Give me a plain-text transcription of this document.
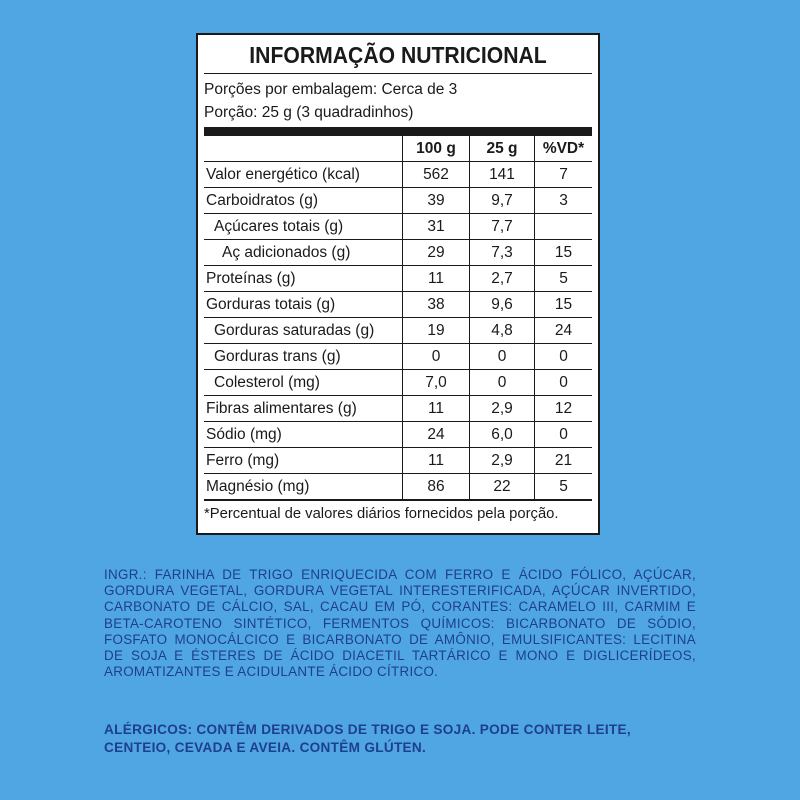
INFORMAÇÃO NUTRICIONAL
Porções por embalagem: Cerca de 3
Porção: 25 g (3 quadradinhos)
	100 g	25 g	%VD*
Valor energético (kcal)	562	141	7
Carboidratos (g)	39	9,7	3
Açúcares totais (g)	31	7,7	
Aç adicionados (g)	29	7,3	15
Proteínas (g)	11	2,7	5
Gorduras totais (g)	38	9,6	15
Gorduras saturadas (g)	19	4,8	24
Gorduras trans (g)	0	0	0
Colesterol (mg)	7,0	0	0
Fibras alimentares (g)	11	2,9	12
Sódio (mg)	24	6,0	0
Ferro (mg)	11	2,9	21
Magnésio (mg)	86	22	5
*Percentual de valores diários fornecidos pela porção.
INGR.: FARINHA DE TRIGO ENRIQUECIDA COM FERRO E ÁCIDO FÓLICO, AÇÚCAR, GORDURA VEGETAL, GORDURA VEGETAL INTERESTERIFICADA, AÇÚCAR INVERTIDO, CARBONATO DE CÁLCIO, SAL, CACAU EM PÓ, CORANTES: CARAMELO III, CARMIM E BETA-CAROTENO SINTÉTICO, FERMENTOS QUÍMICOS: BICARBONATO DE SÓDIO, FOSFATO MONOCÁLCICO E BICARBONATO DE AMÔNIO, EMULSIFICANTES: LECITINA DE SOJA E ÉSTERES DE ÁCIDO DIACETIL TARTÁRICO E MONO E DIGLICERÍDEOS, AROMATIZANTES E ACIDULANTE ÁCIDO CÍTRICO.
ALÉRGICOS: CONTÊM DERIVADOS DE TRIGO E SOJA. PODE CONTER LEITE, CENTEIO, CEVADA E AVEIA. CONTÊM GLÚTEN.
